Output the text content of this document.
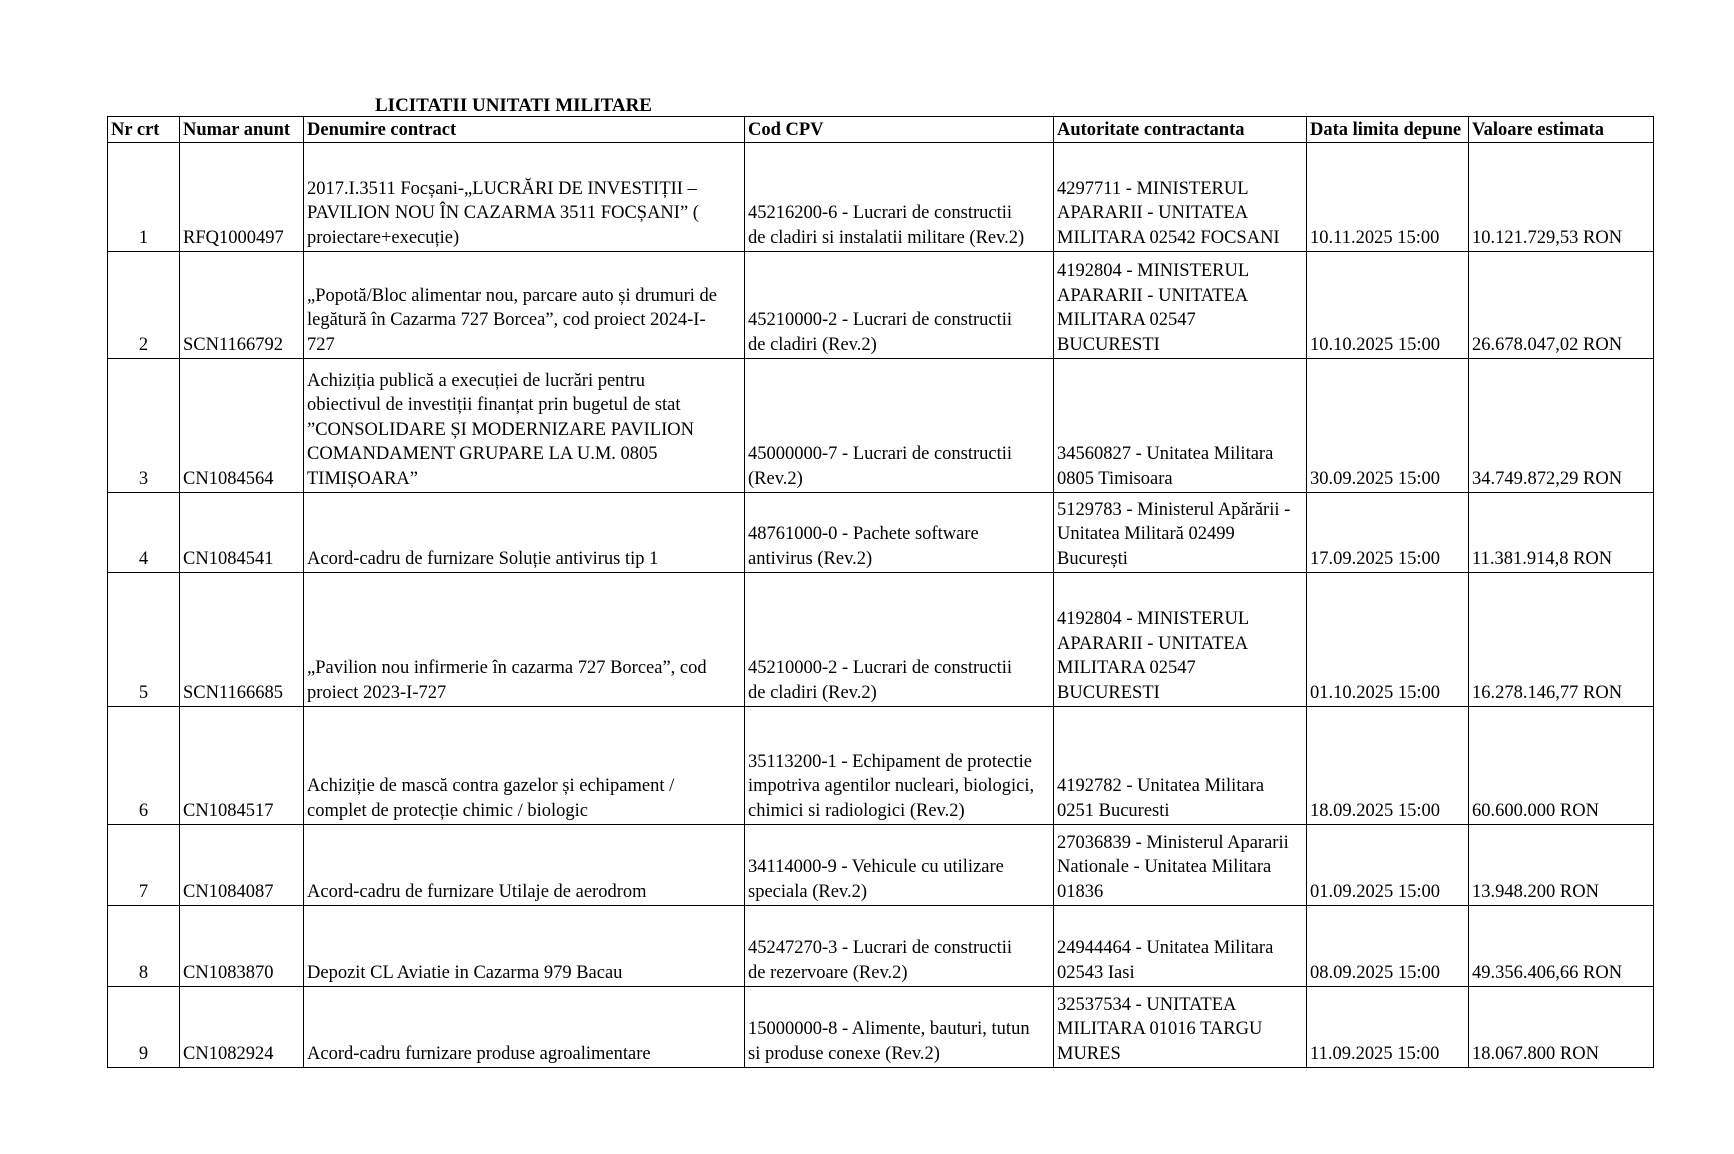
LICITATII UNITATI MILITARE
Nr crt	Numar anunt	Denumire contract	Cod CPV	Autoritate contractanta	Data limita depune	Valoare estimata
1	RFQ1000497	2017.I.3511 Focșani-„LUCRĂRI DE INVESTIȚII –
PAVILION NOU ÎN CAZARMA 3511 FOCȘANI” (
proiectare+execuție)	45216200-6 - Lucrari de constructii
de cladiri si instalatii militare (Rev.2)	4297711 - MINISTERUL
APARARII - UNITATEA
MILITARA 02542 FOCSANI	10.11.2025 15:00	10.121.729,53 RON
2	SCN1166792	„Popotă/Bloc alimentar nou, parcare auto și drumuri de
legătură în Cazarma 727 Borcea”, cod proiect 2024-I-
727	45210000-2 - Lucrari de constructii
de cladiri (Rev.2)	4192804 - MINISTERUL
APARARII - UNITATEA
MILITARA 02547
BUCURESTI	10.10.2025 15:00	26.678.047,02 RON
3	CN1084564	Achiziția publică a execuției de lucrări pentru
obiectivul de investiții finanțat prin bugetul de stat
”CONSOLIDARE ȘI MODERNIZARE PAVILION
COMANDAMENT GRUPARE LA U.M. 0805
TIMIȘOARA”	45000000-7 - Lucrari de constructii
(Rev.2)	34560827 - Unitatea Militara
0805 Timisoara	30.09.2025 15:00	34.749.872,29 RON
4	CN1084541	Acord-cadru de furnizare Soluție antivirus tip 1	48761000-0 - Pachete software
antivirus (Rev.2)	5129783 - Ministerul Apărării -
Unitatea Militară 02499
București	17.09.2025 15:00	11.381.914,8 RON
5	SCN1166685	„Pavilion nou infirmerie în cazarma 727 Borcea”, cod
proiect 2023-I-727	45210000-2 - Lucrari de constructii
de cladiri (Rev.2)	4192804 - MINISTERUL
APARARII - UNITATEA
MILITARA 02547
BUCURESTI	01.10.2025 15:00	16.278.146,77 RON
6	CN1084517	Achiziție de mască contra gazelor și echipament /
complet de protecție chimic / biologic	35113200-1 - Echipament de protectie
impotriva agentilor nucleari, biologici,
chimici si radiologici (Rev.2)	4192782 - Unitatea Militara
0251 Bucuresti	18.09.2025 15:00	60.600.000 RON
7	CN1084087	Acord-cadru de furnizare Utilaje de aerodrom	34114000-9 - Vehicule cu utilizare
speciala (Rev.2)	27036839 - Ministerul Apararii
Nationale - Unitatea Militara
01836	01.09.2025 15:00	13.948.200 RON
8	CN1083870	Depozit CL Aviatie in Cazarma 979 Bacau	45247270-3 - Lucrari de constructii
de rezervoare (Rev.2)	24944464 - Unitatea Militara
02543 Iasi	08.09.2025 15:00	49.356.406,66 RON
9	CN1082924	Acord-cadru furnizare produse agroalimentare	15000000-8 - Alimente, bauturi, tutun
si produse conexe (Rev.2)	32537534 - UNITATEA
MILITARA 01016 TARGU
MURES	11.09.2025 15:00	18.067.800 RON
